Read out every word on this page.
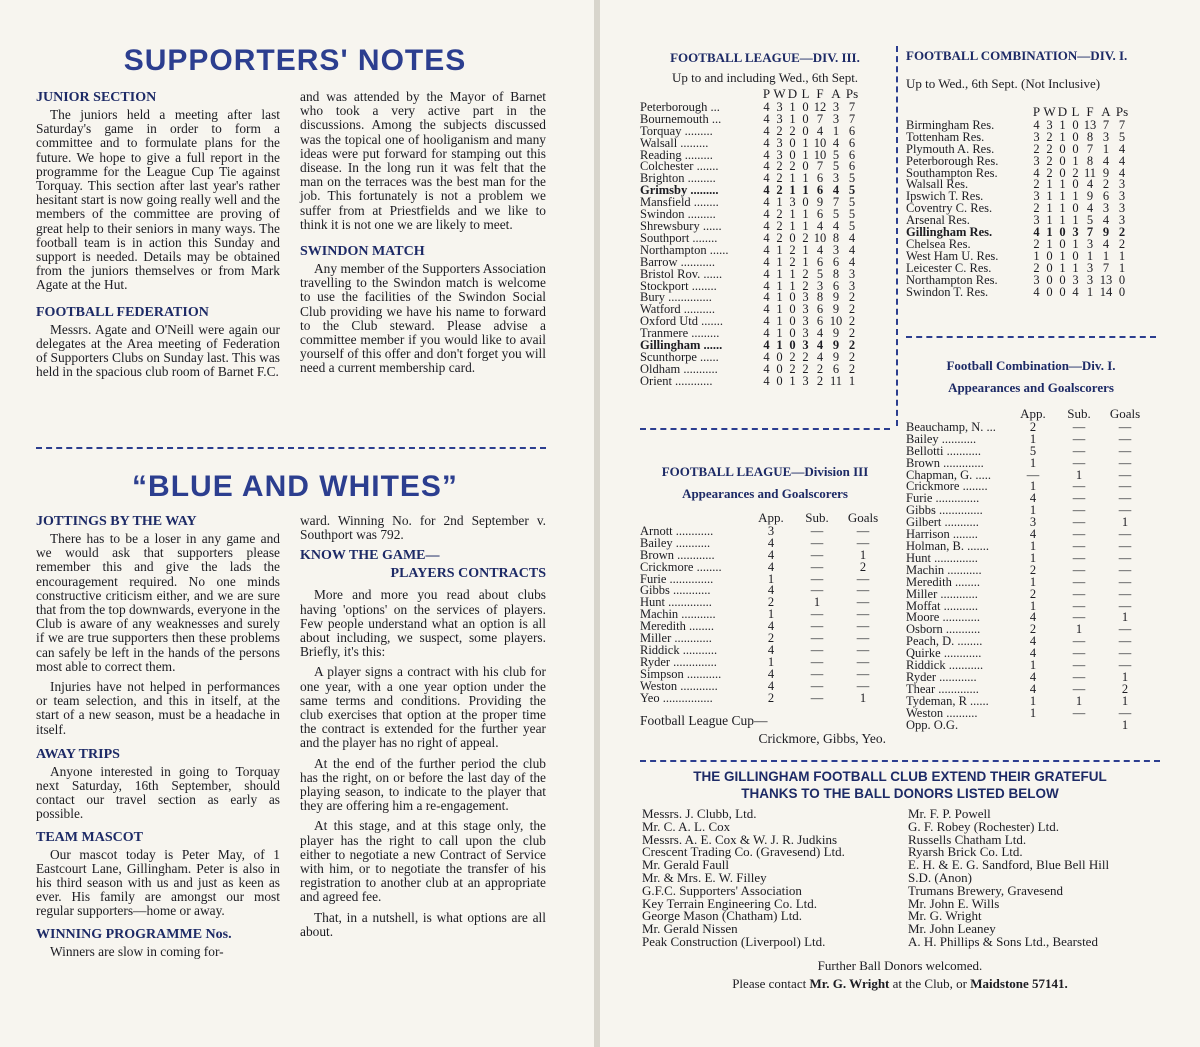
SUPPORTERS' NOTES
JUNIOR SECTION
The juniors held a meeting after last Saturday's game in order to form a committee and to formulate plans for the future. We hope to give a full report in the programme for the League Cup Tie against Torquay. This section after last year's rather hesitant start is now going really well and the members of the committee are proving of great help to their seniors in many ways. The football team is in action this Sunday and support is needed. Details may be obtained from the juniors themselves or from Mark Agate at the Hut.
FOOTBALL FEDERATION
Messrs. Agate and O'Neill were again our delegates at the Area meeting of Federation of Supporters Clubs on Sunday last. This was held in the spacious club room of Barnet F.C.
and was attended by the Mayor of Barnet who took a very active part in the discussions. Among the subjects discussed was the topical one of hooliganism and many ideas were put forward for stamping out this disease. In the long run it was felt that the man on the terraces was the best man for the job. This fortunately is not a problem we suffer from at Priestfields and we like to think it is not one we are likely to meet.
SWINDON MATCH
Any member of the Supporters Association travelling to the Swindon match is welcome to use the facilities of the Swindon Social Club providing we have his name to forward to the Club steward. Please advise a committee member if you would like to avail yourself of this offer and don't forget you will need a current membership card.
“BLUE AND WHITES”
JOTTINGS BY THE WAY
There has to be a loser in any game and we would ask that supporters please remember this and give the lads the encouragement required. No one minds constructive criticism either, and we are sure that from the top downwards, everyone in the Club is aware of any weaknesses and surely if we are true supporters then these problems can safely be left in the hands of the persons most able to correct them.
Injuries have not helped in performances or team selection, and this in itself, at the start of a new season, must be a headache in itself.
AWAY TRIPS
Anyone interested in going to Torquay next Saturday, 16th September, should contact our travel section as early as possible.
TEAM MASCOT
Our mascot today is Peter May, of 1 Eastcourt Lane, Gillingham. Peter is also in his third season with us and just as keen as ever. His family are amongst our most regular supporters—home or away.
WINNING PROGRAMME Nos.
Winners are slow in coming for-
ward. Winning No. for 2nd September v. Southport was 792.
KNOW THE GAME—
PLAYERS CONTRACTS
More and more you read about clubs having 'options' on the services of players. Few people understand what an option is all about including, we suspect, some players. Briefly, it's this:
A player signs a contract with his club for one year, with a one year option under the same terms and conditions. Providing the club exercises that option at the proper time the contract is extended for the further year and the player has no right of appeal.
At the end of the further period the club has the right, on or before the last day of the playing season, to indicate to the player that they are offering him a re-engagement.
At this stage, and at this stage only, the player has the right to call upon the club either to negotiate a new Contract of Service with him, or to negotiate the transfer of his registration to another club at an appropriate and agreed fee.
That, in a nutshell, is what options are all about.
FOOTBALL LEAGUE—DIV. III.
Up to and including Wed., 6th Sept.
	P	W	D	L	F	A	Ps
Peterborough ...	4	3	1	0	12	3	7
Bournemouth ...	4	3	1	0	7	3	7
Torquay .........	4	2	2	0	4	1	6
Walsall .........	4	3	0	1	10	4	6
Reading .........	4	3	0	1	10	5	6
Colchester .......	4	2	2	0	7	5	6
Brighton .........	4	2	1	1	6	3	5
Grimsby .........	4	2	1	1	6	4	5
Mansfield ........	4	1	3	0	9	7	5
Swindon .........	4	2	1	1	6	5	5
Shrewsbury ......	4	2	1	1	4	4	5
Southport ........	4	2	0	2	10	8	4
Northampton ......	4	1	2	1	4	3	4
Barrow ...........	4	1	2	1	6	6	4
Bristol Rov. ......	4	1	1	2	5	8	3
Stockport ........	4	1	1	2	3	6	3
Bury ..............	4	1	0	3	8	9	2
Watford ..........	4	1	0	3	6	9	2
Oxford Utd .......	4	1	0	3	6	10	2
Tranmere .........	4	1	0	3	4	9	2
Gillingham ......	4	1	0	3	4	9	2
Scunthorpe ......	4	0	2	2	4	9	2
Oldham ...........	4	0	2	2	2	6	2
Orient ............	4	0	1	3	2	11	1
FOOTBALL COMBINATION—DIV. I.
Up to Wed., 6th Sept. (Not Inclusive)
	P	W	D	L	F	A	Ps
Birmingham Res.	4	3	1	0	13	7	7
Tottenham Res.	3	2	1	0	8	3	5
Plymouth A. Res.	2	2	0	0	7	1	4
Peterborough Res.	3	2	0	1	8	4	4
Southampton Res.	4	2	0	2	11	9	4
Walsall Res.	2	1	1	0	4	2	3
Ipswich T. Res.	3	1	1	1	9	6	3
Coventry C. Res.	2	1	1	0	4	3	3
Arsenal Res.	3	1	1	1	5	4	3
Gillingham Res.	4	1	0	3	7	9	2
Chelsea Res.	2	1	0	1	3	4	2
West Ham U. Res.	1	0	1	0	1	1	1
Leicester C. Res.	2	0	1	1	3	7	1
Northampton Res.	3	0	0	3	3	13	0
Swindon T. Res.	4	0	0	4	1	14	0
Football Combination—Div. I.
Appearances and Goalscorers
	App.	Sub.	Goals
Beauchamp, N. ...	2	—	—
Bailey ...........	1	—	—
Bellotti ...........	5	—	—
Brown .............	1	—	—
Chapman, G. .....	—	1	—
Crickmore ........	1	—	—
Furie ..............	4	—	—
Gibbs ..............	1	—	—
Gilbert ...........	3	—	1
Harrison ........	4	—	—
Holman, B. .......	1	—	—
Hunt ..............	1	—	—
Machin ...........	2	—	—
Meredith ........	1	—	—
Miller ............	2	—	—
Moffat ...........	1	—	—
Moore ............	4	—	1
Osborn ...........	2	1	—
Peach, D. ........	4	—	—
Quirke ............	4	—	—
Riddick ...........	1	—	—
Ryder ............	4	—	1
Thear .............	4	—	2
Tydeman, R ......	1	1	1
Weston ..........	1	—	—
Opp. O.G.			1
FOOTBALL LEAGUE—Division III
Appearances and Goalscorers
	App.	Sub.	Goals
Arnott ............	3	—	—
Bailey ...........	4	—	—
Brown ............	4	—	1
Crickmore ........	4	—	2
Furie ..............	1	—	—
Gibbs ............	4	—	—
Hunt ..............	2	1	—
Machin ...........	1	—	—
Meredith ........	4	—	—
Miller ............	2	—	—
Riddick ...........	4	—	—
Ryder ..............	1	—	—
Simpson ...........	4	—	—
Weston ............	4	—	—
Yeo ................	2	—	1
Football League Cup—
Crickmore, Gibbs, Yeo.
THE GILLINGHAM FOOTBALL CLUB EXTEND THEIR GRATEFUL
THANKS TO THE BALL DONORS LISTED BELOW
Messrs. J. Clubb, Ltd.
Mr. C. A. L. Cox
Messrs. A. E. Cox & W. J. R. Judkins
Crescent Trading Co. (Gravesend) Ltd.
Mr. Gerald Faull
Mr. & Mrs. E. W. Filley
G.F.C. Supporters' Association
Key Terrain Engineering Co. Ltd.
George Mason (Chatham) Ltd.
Mr. Gerald Nissen
Peak Construction (Liverpool) Ltd.
Mr. F. P. Powell
G. F. Robey (Rochester) Ltd.
Russells Chatham Ltd.
Ryarsh Brick Co. Ltd.
E. H. & E. G. Sandford, Blue Bell Hill
S.D. (Anon)
Trumans Brewery, Gravesend
Mr. John E. Wills
Mr. G. Wright
Mr. John Leaney
A. H. Phillips & Sons Ltd., Bearsted
Further Ball Donors welcomed.
Please contact Mr. G. Wright at the Club, or Maidstone 57141.
